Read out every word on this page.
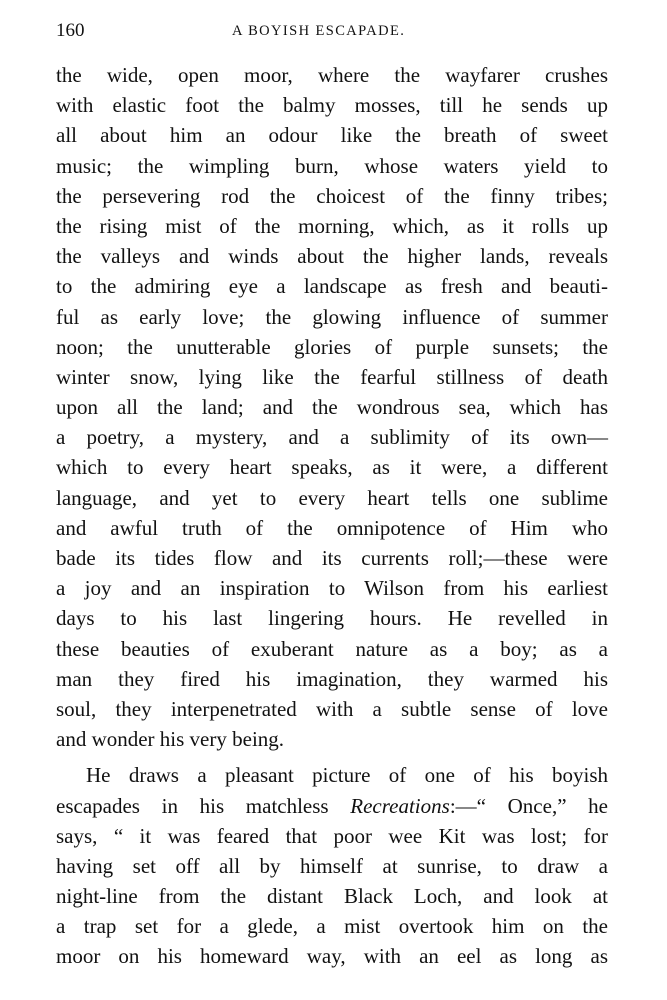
160	A BOYISH ESCAPADE.
the wide, open moor, where the wayfarer crushes
with elastic foot the balmy mosses, till he sends up
all about him an odour like the breath of sweet
music; the wimpling burn, whose waters yield to
the persevering rod the choicest of the finny tribes;
the rising mist of the morning, which, as it rolls up
the valleys and winds about the higher lands, reveals
to the admiring eye a landscape as fresh and beauti-
ful as early love; the glowing influence of summer
noon; the unutterable glories of purple sunsets; the
winter snow, lying like the fearful stillness of death
upon all the land; and the wondrous sea, which has
a poetry, a mystery, and a sublimity of its own—
which to every heart speaks, as it were, a different
language, and yet to every heart tells one sublime
and awful truth of the omnipotence of Him who
bade its tides flow and its currents roll;—these were
a joy and an inspiration to Wilson from his earliest
days to his last lingering hours. He revelled in
these beauties of exuberant nature as a boy; as a
man they fired his imagination, they warmed his
soul, they interpenetrated with a subtle sense of love
and wonder his very being.
He draws a pleasant picture of one of his boyish
escapades in his matchless Recreations:—“ Once,” he
says, “ it was feared that poor wee Kit was lost; for
having set off all by himself at sunrise, to draw a
night-line from the distant Black Loch, and look at
a trap set for a glede, a mist overtook him on the
moor on his homeward way, with an eel as long as
